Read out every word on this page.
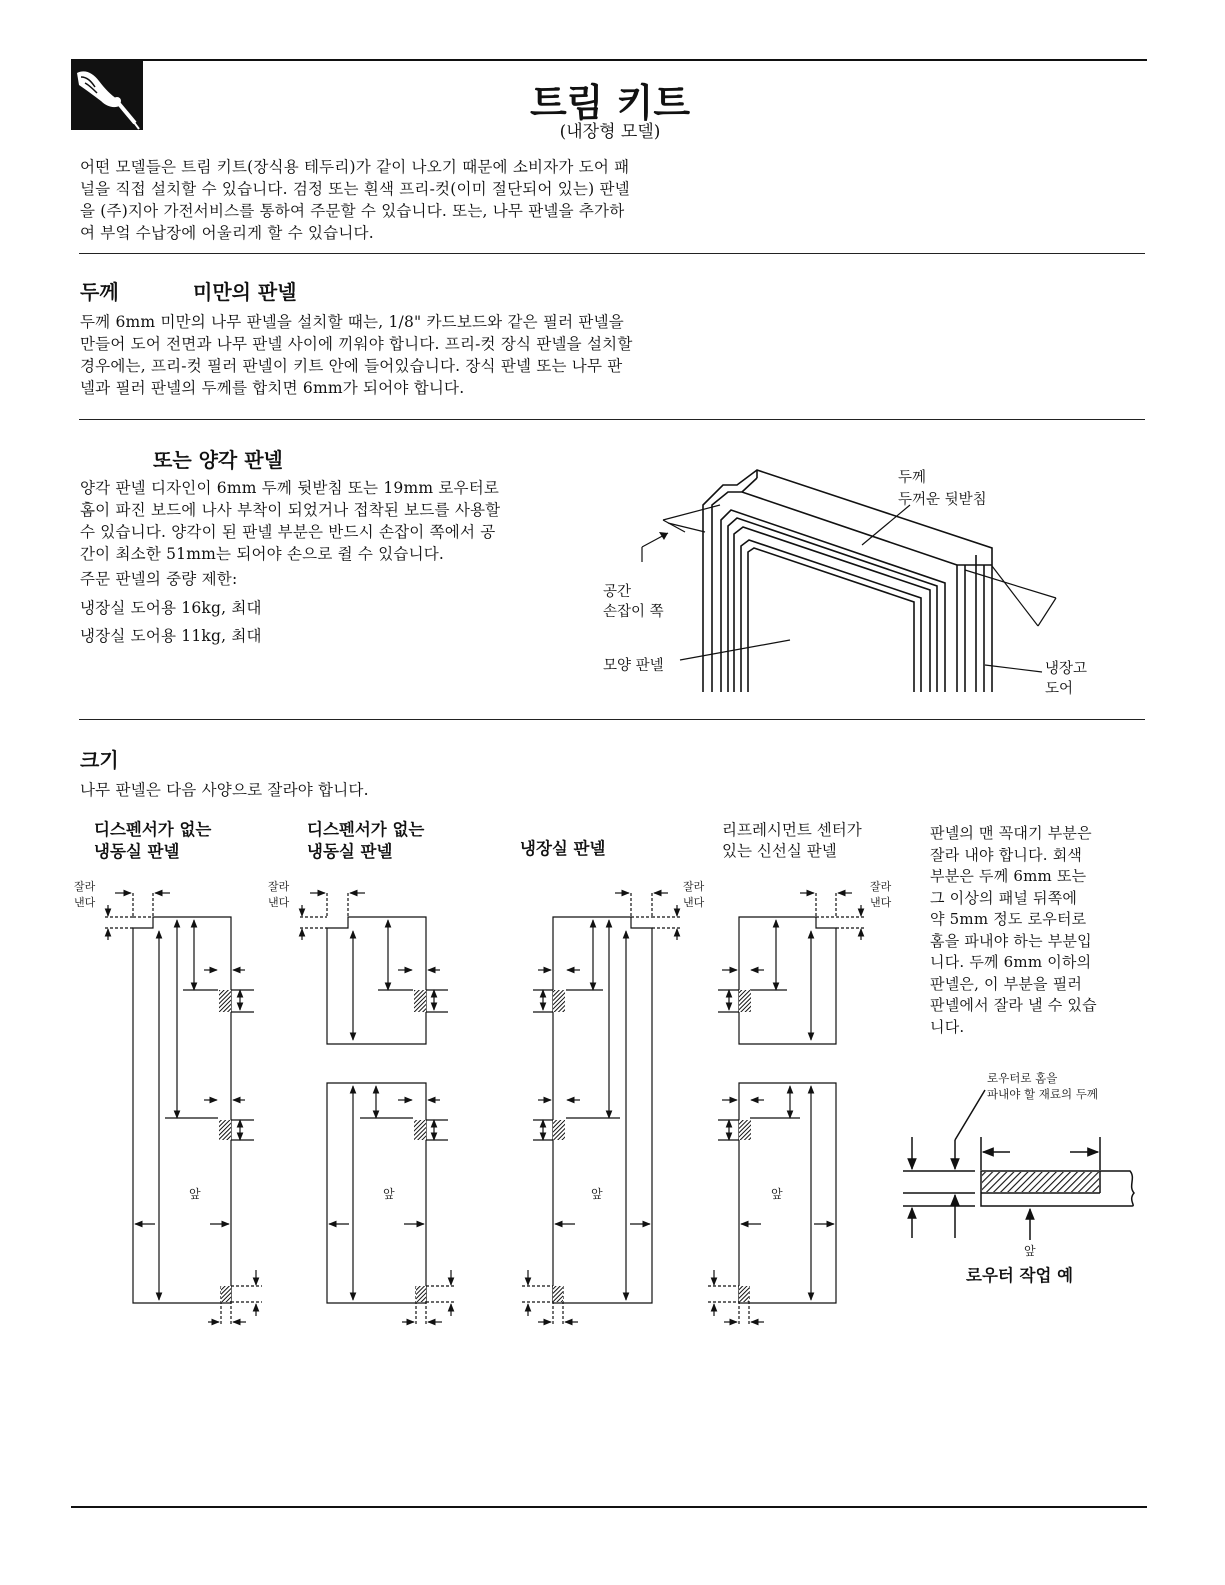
트림 키트
(내장형 모델)
어떤 모델들은 트림 키트(장식용 테두리)가 같이 나오기 때문에 소비자가 도어 패
널을 직접 설치할 수 있습니다. 검정 또는 흰색 프리-컷(이미 절단되어 있는) 판넬
을 (주)지아 가전서비스를 통하여 주문할 수 있습니다. 또는, 나무 판넬을 추가하
여 부엌 수납장에 어울리게 할 수 있습니다.
두께	미만의 판넬
두께 6mm 미만의 나무 판넬을 설치할 때는, 1/8" 카드보드와 같은 필러 판넬을
만들어 도어 전면과 나무 판넬 사이에 끼워야 합니다. 프리-컷 장식 판넬을 설치할
경우에는, 프리-컷 필러 판넬이 키트 안에 들어있습니다. 장식 판넬 또는 나무 판
넬과 필러 판넬의 두께를 합치면 6mm가 되어야 합니다.
또는 양각 판넬
양각 판넬 디자인이 6mm 두께 뒷받침 또는 19mm 로우터로
홈이 파진 보드에 나사 부착이 되었거나 접착된 보드를 사용할
수 있습니다. 양각이 된 판넬 부분은 반드시 손잡이 쪽에서 공
간이 최소한 51mm는 되어야 손으로 쥘 수 있습니다.
주문 판넬의 중량 제한:
냉장실 도어용 16kg, 최대
냉장실 도어용 11kg, 최대
두께
두꺼운 뒷받침
공간
손잡이 쪽
모양 판넬	냉장고
도어
크기
나무 판넬은 다음 사양으로 잘라야 합니다.
디스펜서가 없는
냉동실 판넬
디스펜서가 없는
냉동실 판넬	냉장실 판넬
리프레시먼트 센터가
있는 신선실 판넬
판넬의 맨 꼭대기 부분은
잘라 내야 합니다. 회색
부분은 두께 6mm 또는
그 이상의 패널 뒤쪽에
약 5mm 정도 로우터로
홈을 파내야 하는 부분입
니다. 두께 6mm 이하의
판넬은, 이 부분을 필러
판넬에서 잘라 낼 수 있습
니다.
잘라
낸다
잘라
낸다
잘라
낸다
잘라
낸다
앞	앞	앞	앞
로우터로 홈을
파내야 할 재료의 두께
앞
로우터 작업 예
